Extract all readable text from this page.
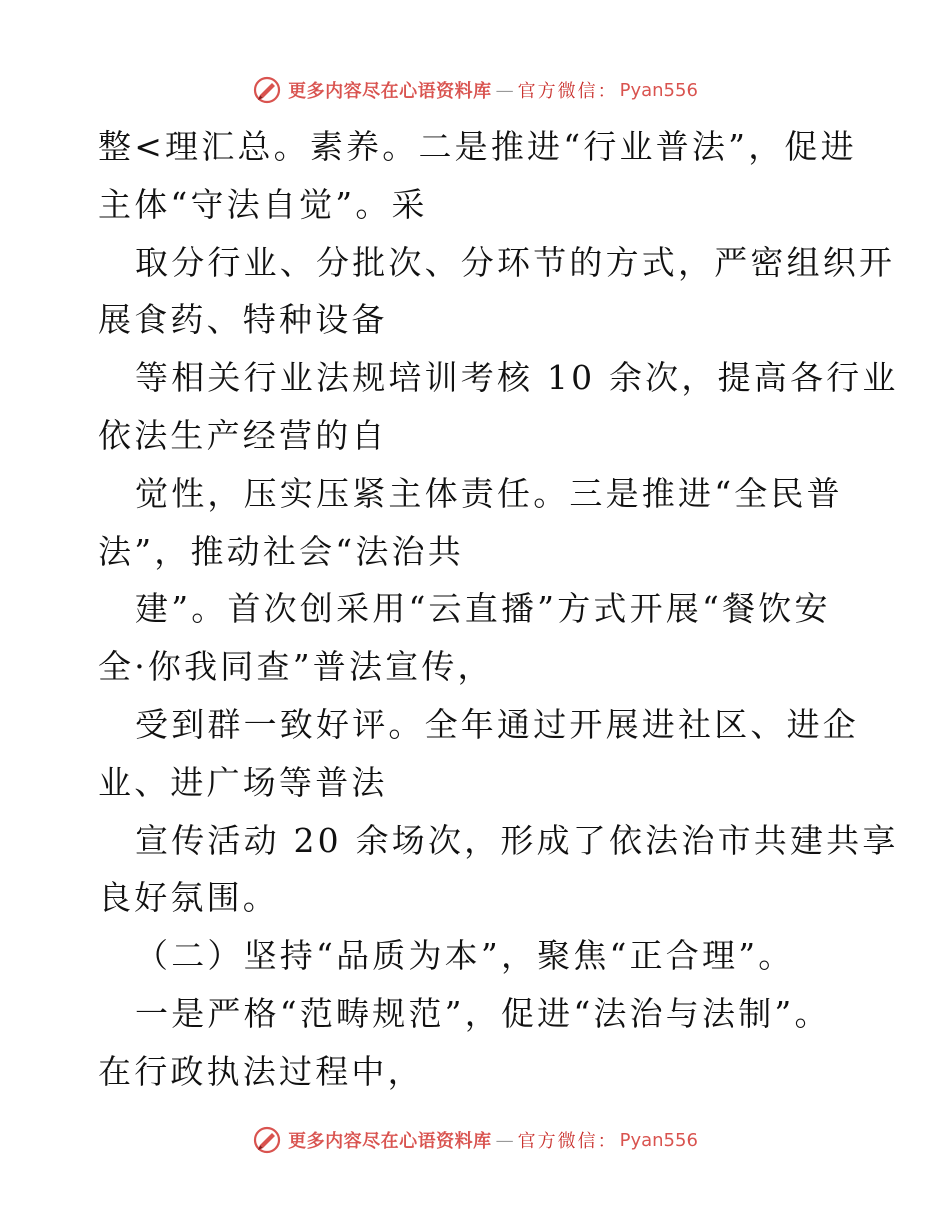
更多内容尽在心语资料库 — 官方微信： Pyan556
整<理汇总。素养。二是推进“行业普法”，促进
主体“守法自觉”。采
取分行业、分批次、分环节的方式，严密组织开
展食药、特种设备
等相关行业法规培训考核 10 余次，提高各行业
依法生产经营的自
觉性，压实压紧主体责任。三是推进“全民普
法”，推动社会“法治共
建”。首次创采用“云直播”方式开展“餐饮安
全·你我同查”普法宣传，
受到群一致好评。全年通过开展进社区、进企
业、进广场等普法
宣传活动 20 余场次，形成了依法治市共建共享
良好氛围。
（二）坚持“品质为本”，聚焦“正合理”。
一是严格“范畴规范”，促进“法治与法制”。
在行政执法过程中，
更多内容尽在心语资料库 — 官方微信： Pyan556
